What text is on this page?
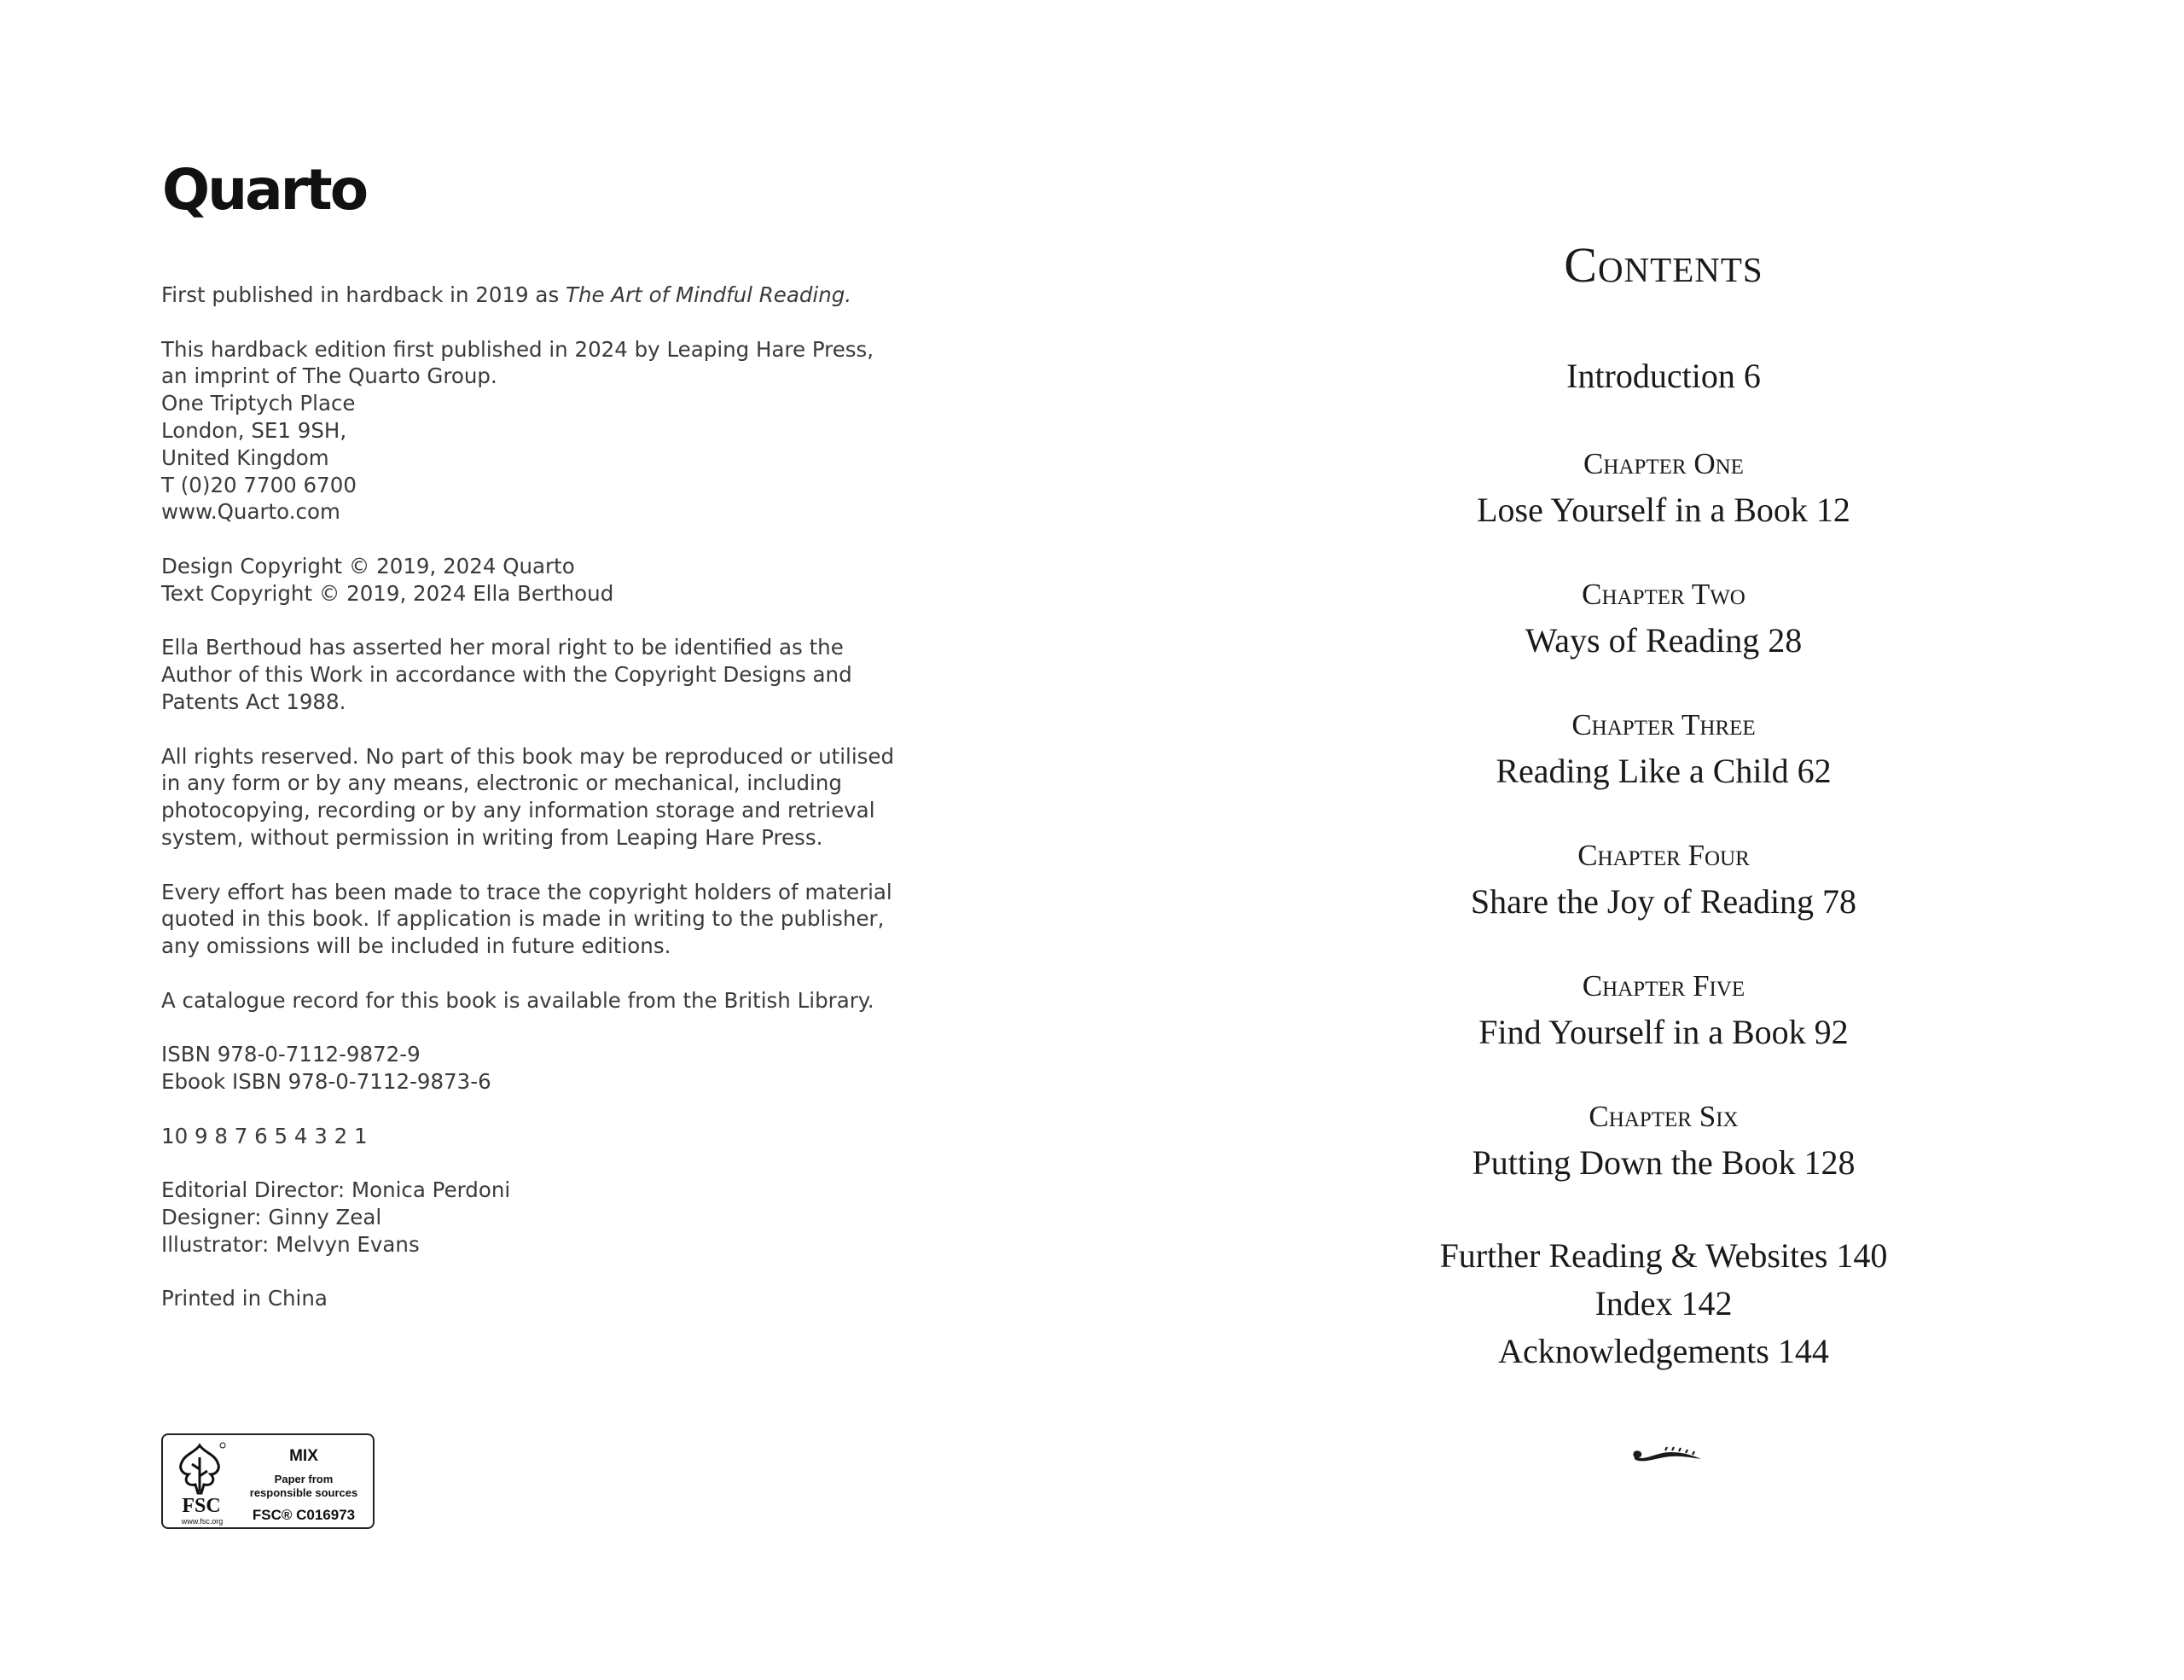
Quarto

First published in hardback in 2019 as The Art of Mindful Reading.

This hardback edition first published in 2024 by Leaping Hare Press,
an imprint of The Quarto Group.
One Triptych Place
London, SE1 9SH,
United Kingdom
T (0)20 7700 6700
www.Quarto.com

Design Copyright © 2019, 2024 Quarto
Text Copyright © 2019, 2024 Ella Berthoud

Ella Berthoud has asserted her moral right to be identified as the
Author of this Work in accordance with the Copyright Designs and
Patents Act 1988.

All rights reserved. No part of this book may be reproduced or utilised
in any form or by any means, electronic or mechanical, including
photocopying, recording or by any information storage and retrieval
system, without permission in writing from Leaping Hare Press.

Every effort has been made to trace the copyright holders of material
quoted in this book. If application is made in writing to the publisher,
any omissions will be included in future editions.

A catalogue record for this book is available from the British Library.

ISBN 978-0-7112-9872-9
Ebook ISBN 978-0-7112-9873-6

10 9 8 7 6 5 4 3 2 1

Editorial Director: Monica Perdoni
Designer: Ginny Zeal
Illustrator: Melvyn Evans

Printed in China

FSC
www.fsc.org
MIX
Paper from
responsible sources
FSC® C016973
Contents
Introduction 6
Chapter One
Lose Yourself in a Book 12
Chapter Two
Ways of Reading 28
Chapter Three
Reading Like a Child 62
Chapter Four
Share the Joy of Reading 78
Chapter Five
Find Yourself in a Book 92
Chapter Six
Putting Down the Book 128
Further Reading & Websites 140
Index 142
Acknowledgements 144
